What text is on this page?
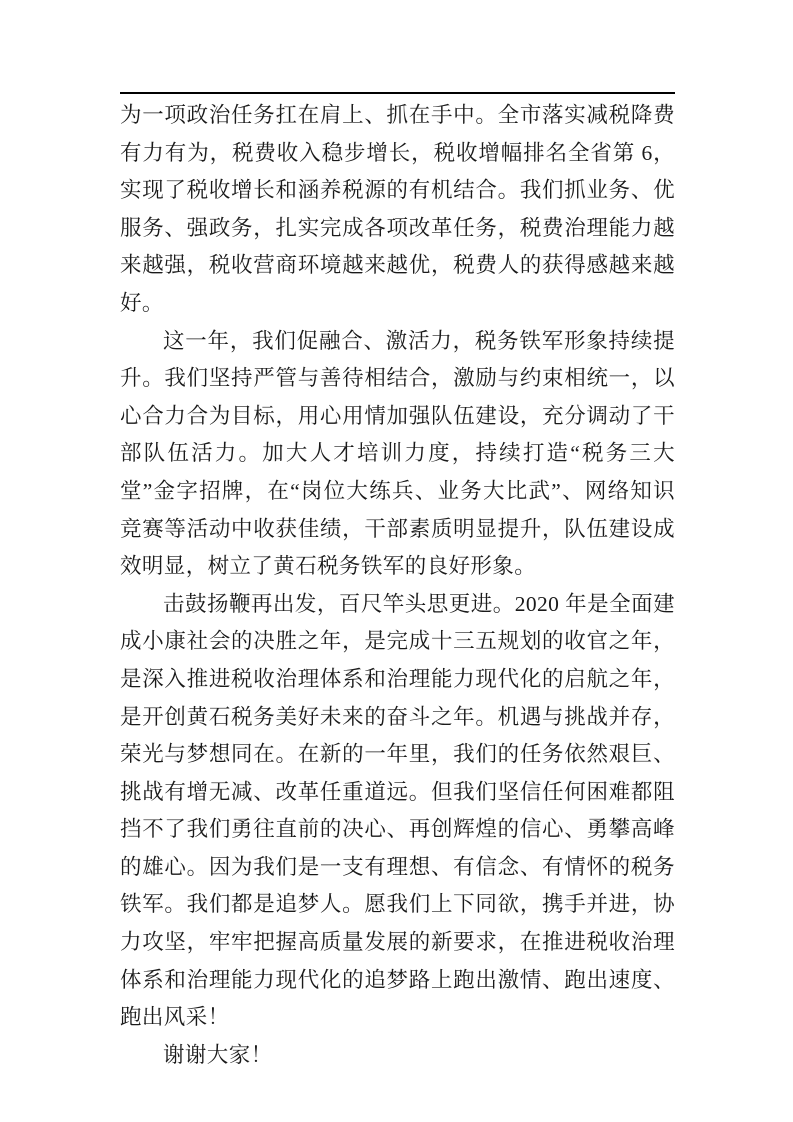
为一项政治任务扛在肩上、抓在手中。全市落实减税降费有力有为，税费收入稳步增长，税收增幅排名全省第 6，实现了税收增长和涵养税源的有机结合。我们抓业务、优服务、强政务，扎实完成各项改革任务，税费治理能力越来越强，税收营商环境越来越优，税费人的获得感越来越好。

这一年，我们促融合、激活力，税务铁军形象持续提升。我们坚持严管与善待相结合，激励与约束相统一，以心合力合为目标，用心用情加强队伍建设，充分调动了干部队伍活力。加大人才培训力度，持续打造“税务三大堂”金字招牌，在“岗位大练兵、业务大比武”、网络知识竞赛等活动中收获佳绩，干部素质明显提升，队伍建设成效明显，树立了黄石税务铁军的良好形象。

击鼓扬鞭再出发，百尺竿头思更进。2020 年是全面建成小康社会的决胜之年，是完成十三五规划的收官之年，是深入推进税收治理体系和治理能力现代化的启航之年，是开创黄石税务美好未来的奋斗之年。机遇与挑战并存，荣光与梦想同在。在新的一年里，我们的任务依然艰巨、挑战有增无减、改革任重道远。但我们坚信任何困难都阻挡不了我们勇往直前的决心、再创辉煌的信心、勇攀高峰的雄心。因为我们是一支有理想、有信念、有情怀的税务铁军。我们都是追梦人。愿我们上下同欲，携手并进，协力攻坚，牢牢把握高质量发展的新要求，在推进税收治理体系和治理能力现代化的追梦路上跑出激情、跑出速度、跑出风采！

谢谢大家！
